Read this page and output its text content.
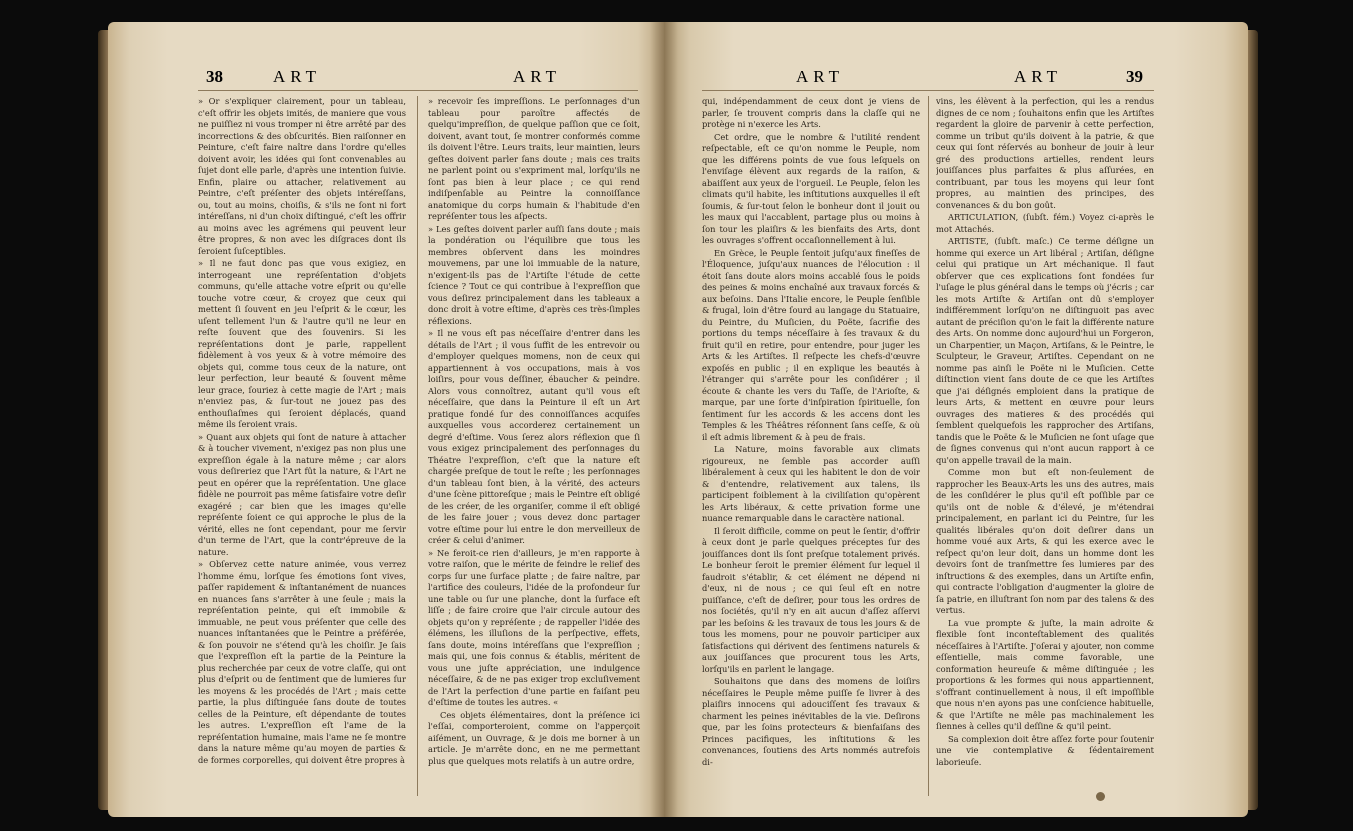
38	ART	ART

» Or s'expliquer clairement, pour un tableau, c'eſt offrir les objets imités, de maniere que vous ne puiſſiez ni vous tromper ni être arrêté par des incorrections & des obſcurités. Bien raiſonner en Peinture, c'eſt faire naître dans l'ordre qu'elles doivent avoir, les idées qui ſont convenables au ſujet dont elle parle, d'après une intention ſuivie. Enfin, plaire ou attacher, relativement au Peintre, c'eſt préſenter des objets intéreſſans, ou, tout au moins, choiſis, & s'ils ne ſont ni fort intéreſſans, ni d'un choix diſtingué, c'eſt les offrir au moins avec les agrémens qui peuvent leur être propres, & non avec les diſgraces dont ils ſeroient ſuſceptibles.

» Il ne faut donc pas que vous exigiez, en interrogeant une repréſentation d'objets communs, qu'elle attache votre eſprit ou qu'elle touche votre cœur, & croyez que ceux qui mettent ſi ſouvent en jeu l'eſprit & le cœur, les uſent tellement l'un & l'autre qu'il ne leur en reſte ſouvent que des ſouvenirs. Si les repréſentations dont je parle, rappellent fidèlement à vos yeux & à votre mémoire des objets qui, comme tous ceux de la nature, ont leur perfection, leur beauté & ſouvent même leur grace, ſouriez à cette magie de l'Art ; mais n'enviez pas, & ſur-tout ne jouez pas des enthouſiaſmes qui ſeroient déplacés, quand même ils ſeroient vrais.

» Quant aux objets qui ſont de nature à attacher & à toucher vivement, n'exigez pas non plus une expreſſion égale à la nature même ; car alors vous deſireriez que l'Art fût la nature, & l'Art ne peut en opérer que la repréſentation. Une glace fidèle ne pourroit pas même ſatisfaire votre deſir exagéré ; car bien que les images qu'elle repréſente ſoient ce qui approche le plus de la vérité, elles ne ſont cependant, pour me ſervir d'un terme de l'Art, que la contr'épreuve de la nature.

» Obſervez cette nature animée, vous verrez l'homme ému, lorſque ſes émotions ſont vives, paſſer rapidement & inſtantanément de nuances en nuances ſans s'arrêter à une ſeule ; mais la repréſentation peinte, qui eſt immobile & immuable, ne peut vous préſenter que celle des nuances inſtantanées que le Peintre a préférée, & ſon pouvoir ne s'étend qu'à les choiſir. Je ſais que l'expreſſion eſt la partie de la Peinture la plus recherchée par ceux de votre claſſe, qui ont plus d'eſprit ou de ſentiment que de lumieres ſur les moyens & les procédés de l'Art ; mais cette partie, la plus diſtinguée ſans doute de toutes celles de la Peinture, eſt dépendante de toutes les autres. L'expreſſion eſt l'ame de la repréſentation humaine, mais l'ame ne ſe montre dans la nature même qu'au moyen de parties & de formes corporelles, qui doivent être propres à

» recevoir ſes impreſſions. Le perſonnages d'un tableau pour paroître affectés de quelqu'impreſſion, de quelque paſſion que ce ſoit, doivent, avant tout, ſe montrer conformés comme ils doivent l'être. Leurs traits, leur maintien, leurs geſtes doivent parler ſans doute ; mais ces traits ne parlent point ou s'expriment mal, lorſqu'ils ne ſont pas bien à leur place ; ce qui rend indiſpenſable au Peintre la connoiſſance anatomique du corps humain & l'habitude d'en repréſenter tous les aſpects.

» Les geſtes doivent parler auſſi ſans doute ; mais la pondération ou l'équilibre que tous les membres obſervent dans les moindres mouvemens, par une loi immuable de la nature, n'exigent-ils pas de l'Artiſte l'étude de cette ſcience ? Tout ce qui contribue à l'expreſſion que vous deſirez principalement dans les tableaux a donc droit à votre eſtime, d'après ces très-ſimples réflexions.

» Il ne vous eſt pas néceſſaire d'entrer dans les détails de l'Art ; il vous ſuffit de les entrevoir ou d'employer quelques momens, non de ceux qui appartiennent à vos occupations, mais à vos loiſirs, pour vous deſſiner, ébaucher & peindre. Alors vous connoîtrez, autant qu'il vous eſt néceſſaire, que dans la Peinture il eſt un Art pratique fondé ſur des connoiſſances acquiſes auxquelles vous accorderez certainement un degré d'eſtime. Vous ſerez alors réflexion que ſi vous exigez principalement des perſonnages du Théatre l'expreſſion, c'eſt que la nature eſt chargée preſque de tout le reſte ; les perſonnages d'un tableau ſont bien, à la vérité, des acteurs d'une ſcène pittoreſque ; mais le Peintre eſt obligé de les créer, de les organiſer, comme il eſt obligé de les faire jouer ; vous devez donc partager votre eſtime pour lui entre le don merveilleux de créer & celui d'animer.

» Ne feroit-ce rien d'ailleurs, je m'en rapporte à votre raiſon, que le mérite de feindre le relief des corps ſur une ſurface platte ; de faire naître, par l'artifice des couleurs, l'idée de la profondeur ſur une table ou ſur une planche, dont la ſurface eſt liſſe ; de faire croire que l'air circule autour des objets qu'on y repréſente ; de rappeller l'idée des élémens, les illuſions de la perſpective, effets, ſans doute, moins intéreſſans que l'expreſſion ; mais qui, une fois connus & établis, méritent de vous une juſte appréciation, une indulgence néceſſaire, & de ne pas exiger trop excluſivement de l'Art la perfection d'une partie en faiſant peu d'eſtime de toutes les autres. «

Ces objets élémentaires, dont la préſence ici l'eſſai, comporteroient, comme on l'apperçoit aiſément, un Ouvrage, & je dois me borner à un article. Je m'arrête donc, en ne me permettant plus que quelques mots relatifs à un autre ordre,

ART	ART	39

qui, indépendamment de ceux dont je viens de parler, ſe trouvent compris dans la claſſe qui ne protège ni n'exerce les Arts.

Cet ordre, que le nombre & l'utilité rendent reſpectable, eſt ce qu'on nomme le Peuple, nom que les différens points de vue ſous leſquels on l'enviſage élèvent aux regards de la raiſon, & abaiſſent aux yeux de l'orgueil. Le Peuple, ſelon les climats qu'il habite, les inſtitutions auxquelles il eſt ſoumis, & ſur-tout ſelon le bonheur dont il jouit ou les maux qui l'accablent, partage plus ou moins à ſon tour les plaiſirs & les bienfaits des Arts, dont les ouvrages s'offrent occaſionnellement à lui.

En Grèce, le Peuple ſentoit juſqu'aux fineſſes de l'Éloquence, juſqu'aux nuances de l'élocution : il étoit ſans doute alors moins accablé ſous le poids des peines & moins enchaîné aux travaux forcés & aux beſoins. Dans l'Italie encore, le Peuple ſenſible & frugal, loin d'être ſourd au langage du Statuaire, du Peintre, du Muſicien, du Poëte, ſacrifie des portions du temps néceſſaire à ſes travaux & du fruit qu'il en retire, pour entendre, pour juger les Arts & les Artiſtes. Il reſpecte les chefs-d'œuvre expoſés en public ; il en explique les beautés à l'étranger qui s'arrête pour les conſidérer ; il écoute & chante les vers du Taſſe, de l'Arioſte, & marque, par une ſorte d'inſpiration ſpirituelle, ſon ſentiment ſur les accords & les accens dont les Temples & les Théâtres réſonnent ſans ceſſe, & où il eſt admis librement & à peu de frais.

La Nature, moins favorable aux climats rigoureux, ne ſemble pas accorder auſſi libéralement à ceux qui les habitent le don de voir & d'entendre, relativement aux talens, ils participent foiblement à la civiliſation qu'opèrent les Arts libéraux, & cette privation forme une nuance remarquable dans le caractère national.

Il ſeroit difficile, comme on peut le ſentir, d'offrir à ceux dont je parle quelques préceptes ſur des jouiſſances dont ils ſont preſque totalement privés. Le bonheur ſeroit le premier élément ſur lequel il faudroit s'établir, & cet élément ne dépend ni d'eux, ni de nous ; ce qui ſeul eſt en notre puiſſance, c'eſt de deſirer, pour tous les ordres de nos ſociétés, qu'il n'y en ait aucun d'aſſez aſſervi par les beſoins & les travaux de tous les jours & de tous les momens, pour ne pouvoir participer aux ſatisfactions qui dérivent des ſentimens naturels & aux jouiſſances que procurent tous les Arts, lorſqu'ils en parlent le langage.

Souhaitons que dans des momens de loiſirs néceſſaires le Peuple même puiſſe ſe livrer à des plaiſirs innocens qui adouciſſent ſes travaux & charment les peines inévitables de la vie. Deſirons que, par les ſoins protecteurs & bienfaiſans des Princes pacifiques, les inſtitutions & les convenances, ſoutiens des Arts nommés autrefois di-

vins, les élèvent à la perfection, qui les a rendus dignes de ce nom ; ſouhaitons enfin que les Artiſtes regardent la gloire de parvenir à cette perfection, comme un tribut qu'ils doivent à la patrie, & que ceux qui ſont réſervés au bonheur de jouir à leur gré des productions artielles, rendent leurs jouiſſances plus parfaites & plus aſſurées, en contribuant, par tous les moyens qui leur ſont propres, au maintien des principes, des convenances & du bon goût.

ARTICULATION, (ſubſt. fém.) Voyez ci-après le mot Attachés.

ARTISTE, (ſubſt. maſc.) Ce terme déſigne un homme qui exerce un Art libéral ; Artiſan, déſigne celui qui pratique un Art méchanique. Il faut obſerver que ces explications ſont fondées ſur l'uſage le plus général dans le temps où j'écris ; car les mots Artiſte & Artiſan ont dû s'employer indifféremment lorſqu'on ne diſtinguoit pas avec autant de préciſion qu'on le fait la différente nature des Arts. On nomme donc aujourd'hui un Forgeron, un Charpentier, un Maçon, Artiſans, & le Peintre, le Sculpteur, le Graveur, Artiſtes. Cependant on ne nomme pas ainſi le Poëte ni le Muſicien. Cette diſtinction vient ſans doute de ce que les Artiſtes que j'ai déſignés emploient dans la pratique de leurs Arts, & mettent en œuvre pour leurs ouvrages des matieres & des procédés qui ſemblent quelquefois les rapprocher des Artiſans, tandis que le Poëte & le Muſicien ne ſont uſage que de ſignes convenus qui n'ont aucun rapport à ce qu'on appelle travail de la main.

Comme mon but eſt non-ſeulement de rapprocher les Beaux-Arts les uns des autres, mais de les conſidérer le plus qu'il eſt poſſible par ce qu'ils ont de noble & d'élevé, je m'étendrai principalement, en parlant ici du Peintre, ſur les qualités libérales qu'on doit deſirer dans un homme voué aux Arts, & qui les exerce avec le reſpect qu'on leur doit, dans un homme dont les devoirs ſont de tranſmettre ſes lumieres par des inſtructions & des exemples, dans un Artiſte enfin, qui contracte l'obligation d'augmenter la gloire de ſa patrie, en illuſtrant ſon nom par des talens & des vertus.

La vue prompte & juſte, la main adroite & flexible ſont inconteſtablement des qualités néceſſaires à l'Artiſte. J'oſerai y ajouter, non comme eſſentielle, mais comme favorable, une conformation heureuſe & même diſtinguée ; les proportions & les formes qui nous appartiennent, s'offrant continuellement à nous, il eſt impoſſible que nous n'en ayons pas une conſcience habituelle, & que l'Artiſte ne mêle pas machinalement les ſiennes à celles qu'il deſſine & qu'il peint.

Sa complexion doit être aſſez forte pour ſoutenir une vie contemplative & ſédentairement laborieuſe.
